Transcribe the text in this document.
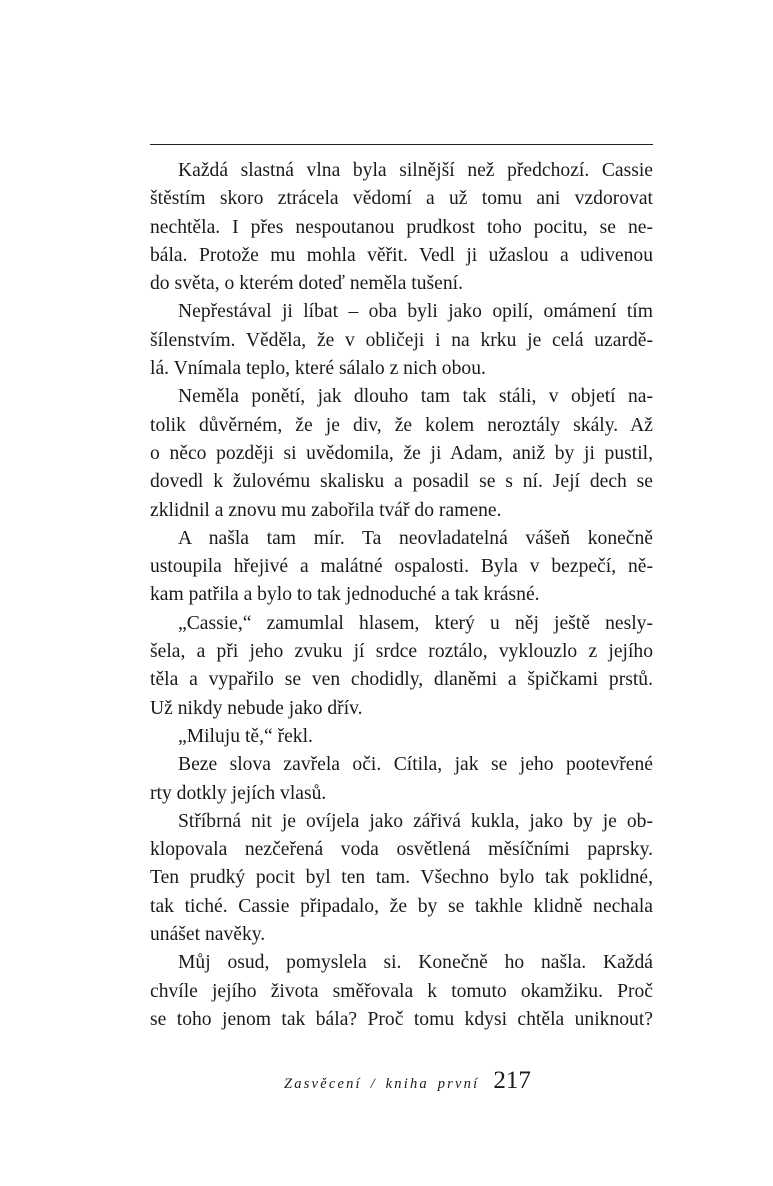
Každá slastná vlna byla silnější než předchozí. Cassie
štěstím skoro ztrácela vědomí a už tomu ani vzdorovat
nechtěla. I přes nespoutanou prudkost toho pocitu, se ne-
bála. Protože mu mohla věřit. Vedl ji užaslou a udivenou
do světa, o kterém doteď neměla tušení.
Nepřestával ji líbat – oba byli jako opilí, omámení tím
šílenstvím. Věděla, že v obličeji i na krku je celá uzardě-
lá. Vnímala teplo, které sálalo z nich obou.
Neměla ponětí, jak dlouho tam tak stáli, v objetí na-
tolik důvěrném, že je div, že kolem neroztály skály. Až
o něco později si uvědomila, že ji Adam, aniž by ji pustil,
dovedl k žulovému skalisku a posadil se s ní. Její dech se
zklidnil a znovu mu zabořila tvář do ramene.
A našla tam mír. Ta neovladatelná vášeň konečně
ustoupila hřejivé a malátné ospalosti. Byla v bezpečí, ně-
kam patřila a bylo to tak jednoduché a tak krásné.
„Cassie,“ zamumlal hlasem, který u něj ještě nesly-
šela, a při jeho zvuku jí srdce roztálo, vyklouzlo z jejího
těla a vypařilo se ven chodidly, dlaněmi a špičkami prstů.
Už nikdy nebude jako dřív.
„Miluju tě,“ řekl.
Beze slova zavřela oči. Cítila, jak se jeho pootevřené
rty dotkly jejích vlasů.
Stříbrná nit je ovíjela jako zářivá kukla, jako by je ob-
klopovala nezčeřená voda osvětlená měsíčními paprsky.
Ten prudký pocit byl ten tam. Všechno bylo tak poklidné,
tak tiché. Cassie připadalo, že by se takhle klidně nechala
unášet navěky.
Můj osud, pomyslela si. Konečně ho našla. Každá
chvíle jejího života směřovala k tomuto okamžiku. Proč
se toho jenom tak bála? Proč tomu kdysi chtěla uniknout?
Zasvěcení / kniha první 217
